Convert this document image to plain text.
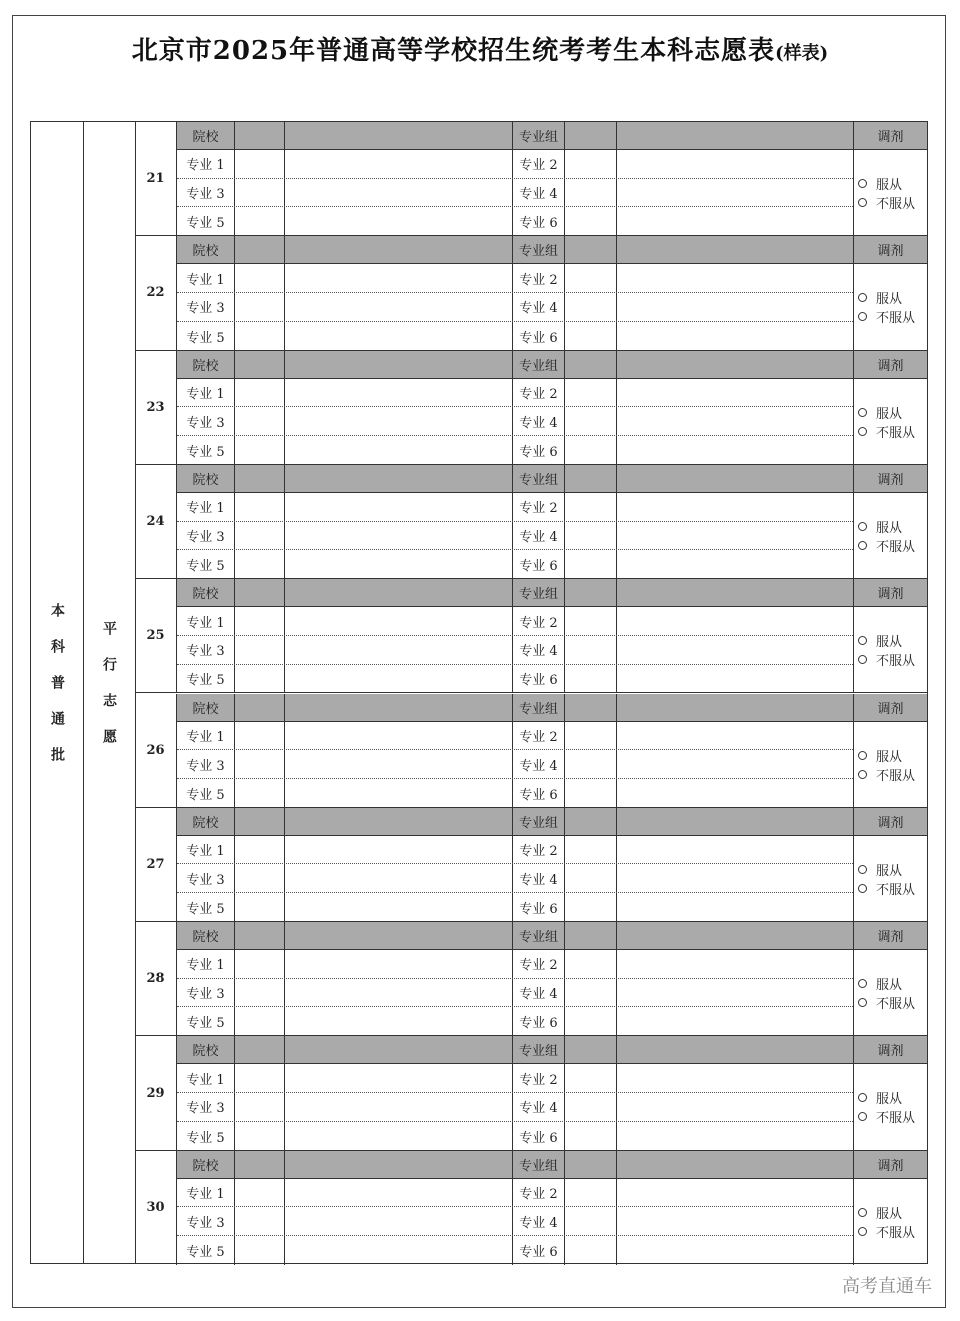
北京市2025年普通高等学校招生统考考生本科志愿表(样表)
本科普通批	平行志愿
21
院校	专业组	调剂
专业 1	专业 2
专业 3	专业 4
专业 5	专业 6
服从
不服从
22
院校	专业组	调剂
专业 1	专业 2
专业 3	专业 4
专业 5	专业 6
服从
不服从
23
院校	专业组	调剂
专业 1	专业 2
专业 3	专业 4
专业 5	专业 6
服从
不服从
24
院校	专业组	调剂
专业 1	专业 2
专业 3	专业 4
专业 5	专业 6
服从
不服从
25
院校	专业组	调剂
专业 1	专业 2
专业 3	专业 4
专业 5	专业 6
服从
不服从
26
院校	专业组	调剂
专业 1	专业 2
专业 3	专业 4
专业 5	专业 6
服从
不服从
27
院校	专业组	调剂
专业 1	专业 2
专业 3	专业 4
专业 5	专业 6
服从
不服从
28
院校	专业组	调剂
专业 1	专业 2
专业 3	专业 4
专业 5	专业 6
服从
不服从
29
院校	专业组	调剂
专业 1	专业 2
专业 3	专业 4
专业 5	专业 6
服从
不服从
30
院校	专业组	调剂
专业 1	专业 2
专业 3	专业 4
专业 5	专业 6
服从
不服从
高考直通车
